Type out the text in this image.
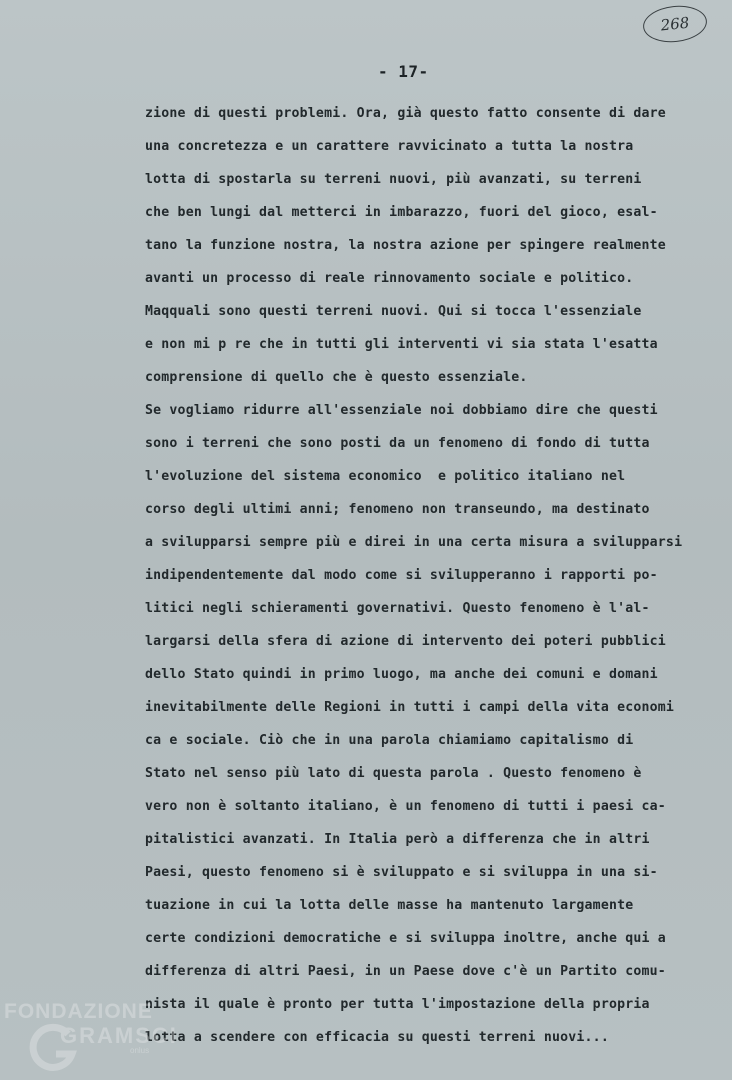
268
- 17-
zione di questi problemi. Ora, già questo fatto consente di dare
una concretezza e un carattere ravvicinato a tutta la nostra
lotta di spostarla su terreni nuovi, più avanzati, su terreni
che ben lungi dal metterci in imbarazzo, fuori del gioco, esal-
tano la funzione nostra, la nostra azione per spingere realmente
avanti un processo di reale rinnovamento sociale e politico.
Maqquali sono questi terreni nuovi. Qui si tocca l'essenziale
e non mi p re che in tutti gli interventi vi sia stata l'esatta
comprensione di quello che è questo essenziale.
Se vogliamo ridurre all'essenziale noi dobbiamo dire che questi
sono i terreni che sono posti da un fenomeno di fondo di tutta
l'evoluzione del sistema economico  e politico italiano nel
corso degli ultimi anni; fenomeno non transeundo, ma destinato
a svilupparsi sempre più e direi in una certa misura a svilupparsi
indipendentemente dal modo come si svilupperanno i rapporti po-
litici negli schieramenti governativi. Questo fenomeno è l'al-
largarsi della sfera di azione di intervento dei poteri pubblici
dello Stato quindi in primo luogo, ma anche dei comuni e domani
inevitabilmente delle Regioni in tutti i campi della vita economi
ca e sociale. Ciò che in una parola chiamiamo capitalismo di
Stato nel senso più lato di questa parola . Questo fenomeno è
vero non è soltanto italiano, è un fenomeno di tutti i paesi ca-
pitalistici avanzati. In Italia però a differenza che in altri
Paesi, questo fenomeno si è sviluppato e si sviluppa in una si-
tuazione in cui la lotta delle masse ha mantenuto largamente
certe condizioni democratiche e si sviluppa inoltre, anche qui a
differenza di altri Paesi, in un Paese dove c'è un Partito comu-
nista il quale è pronto per tutta l'impostazione della propria
lotta a scendere con efficacia su questi terreni nuovi...
FONDAZIONE
GRAMSCI
onlus
